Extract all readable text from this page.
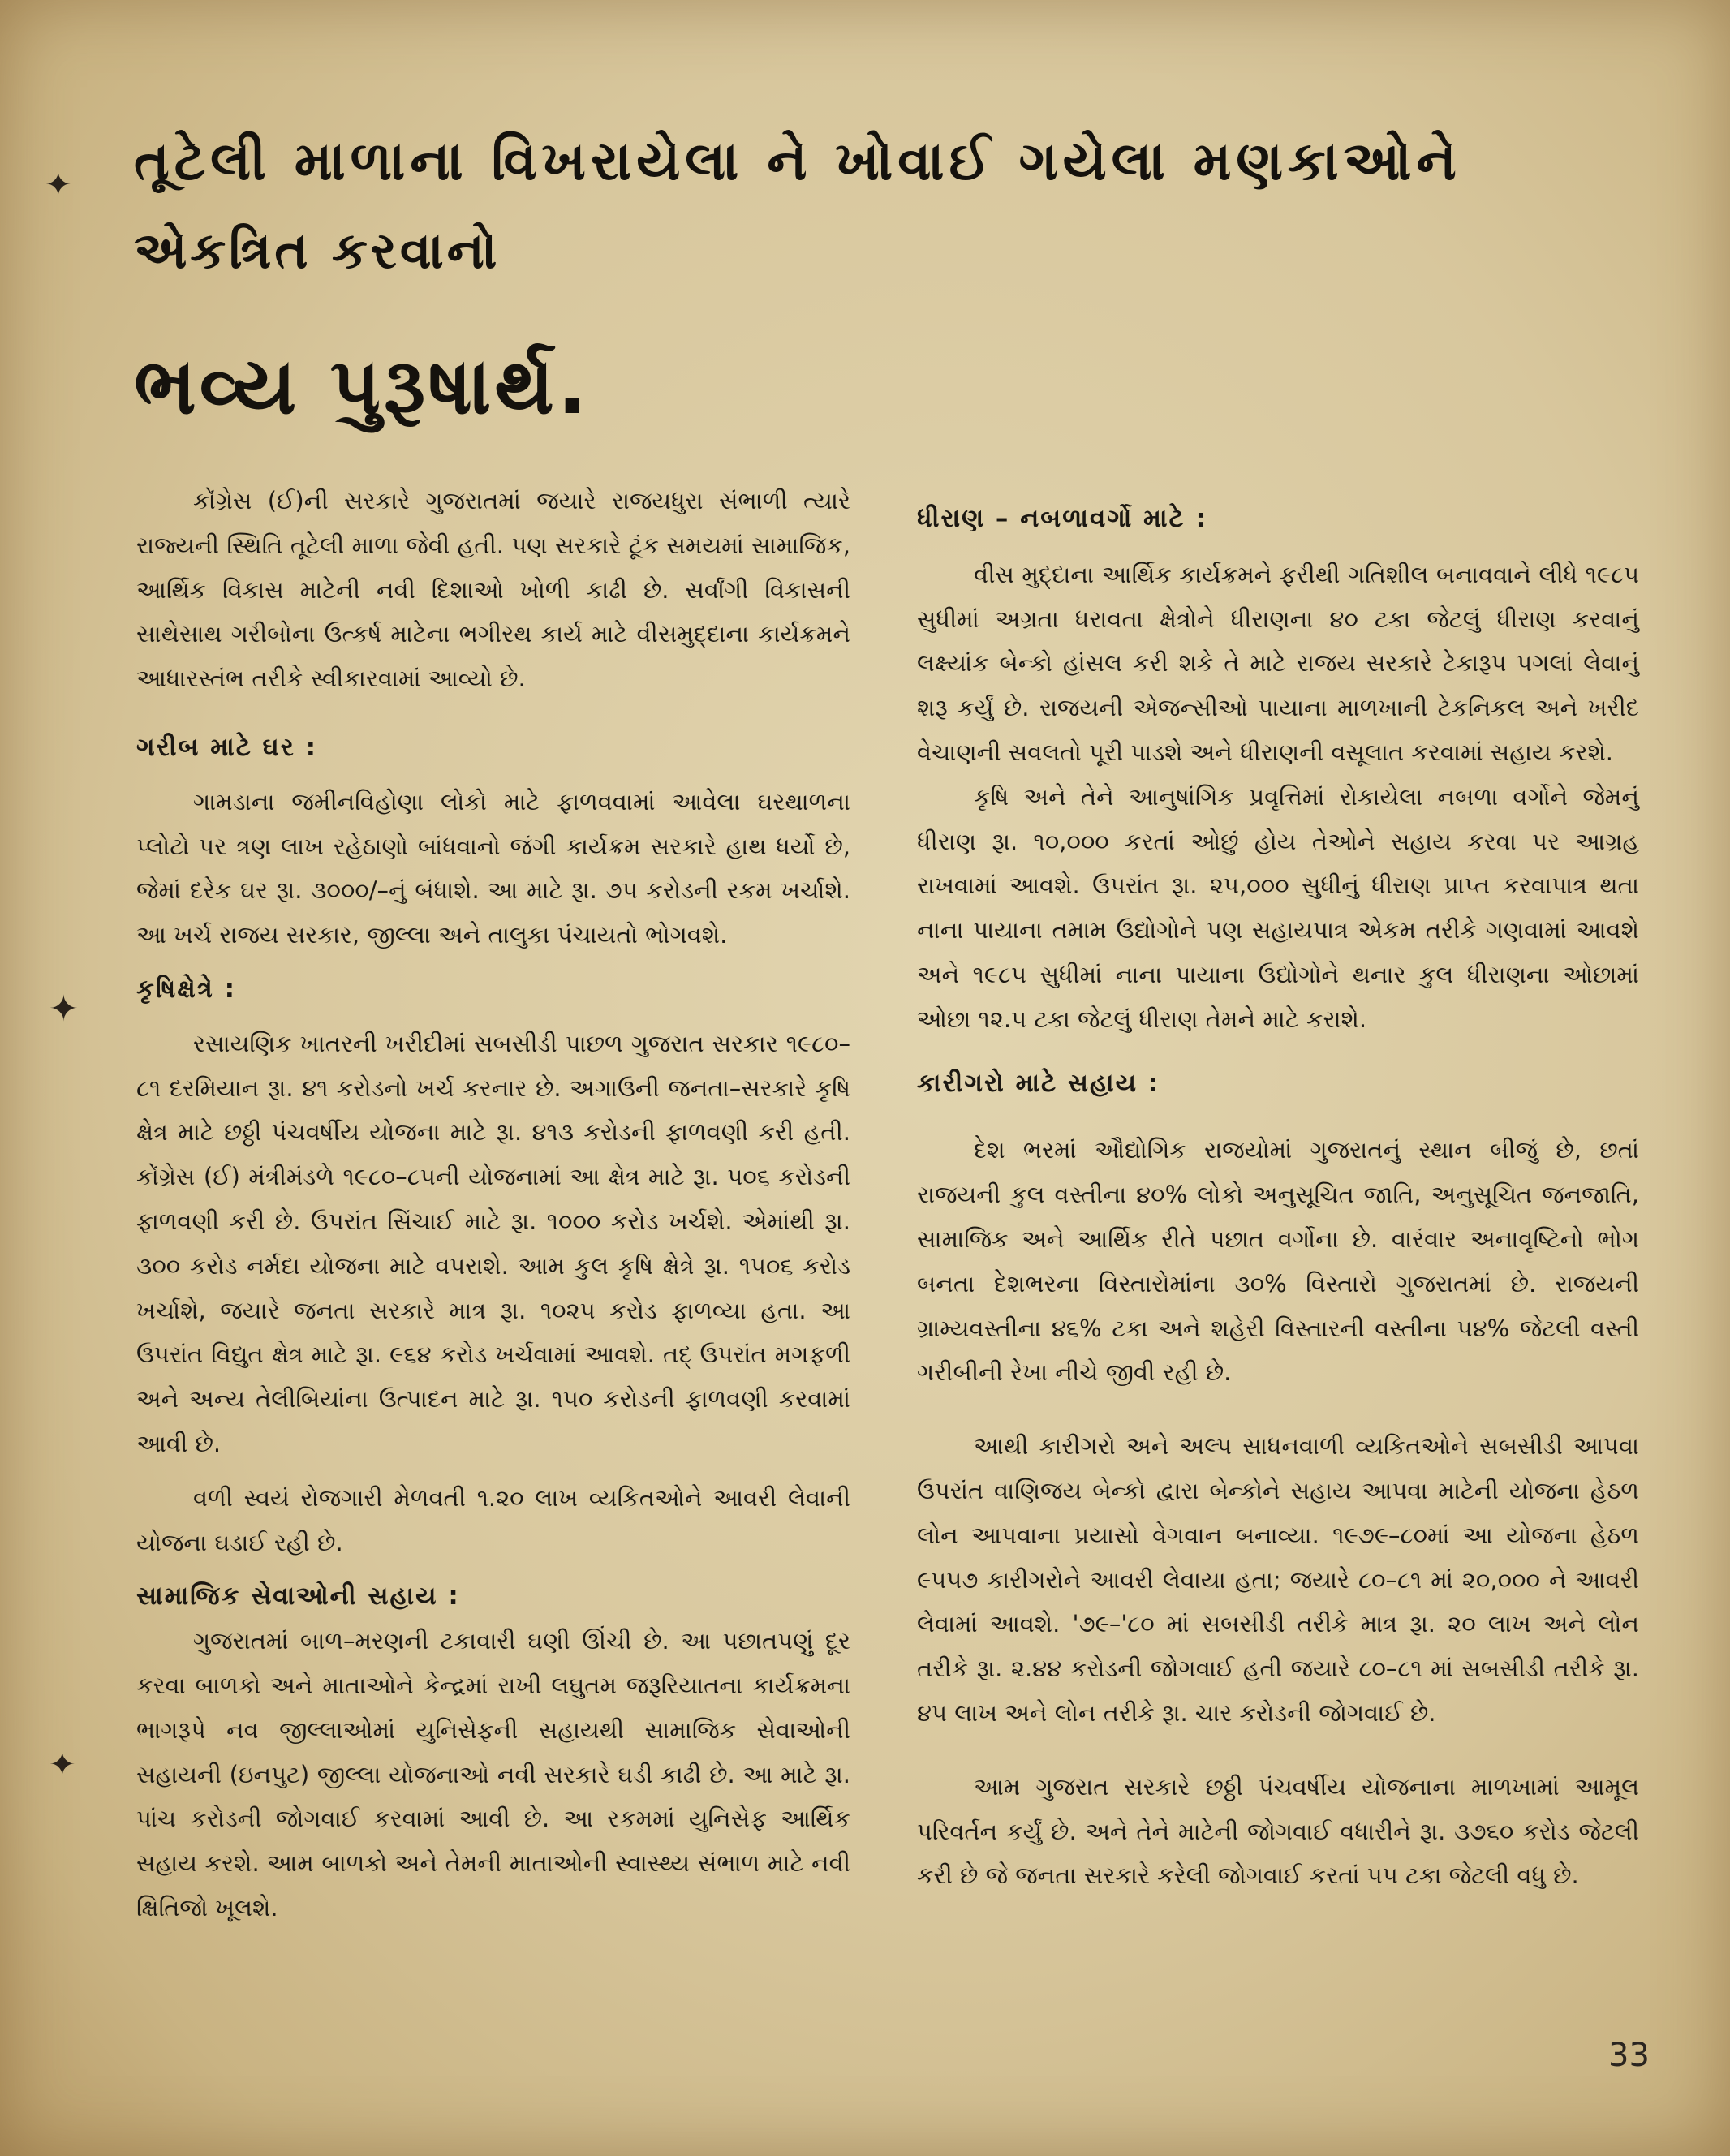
✦
✦
✦
તૂટેલી માળાના વિખરાયેલા ને ખોવાઈ ગયેલા મણકાઓને
એકત્રિત કરવાનો
ભવ્ય પુરૂષાર્થ.

કોંગ્રેસ (ઈ)ની સરકારે ગુજરાતમાં જયારે રાજયધુરા સંભાળી ત્યારે રાજ્યની સ્થિતિ તૂટેલી માળા જેવી હતી. પણ સરકારે ટૂંક સમયમાં સામાજિક, આર્થિક વિકાસ માટેની નવી દિશાઓ ખોળી કાઢી છે. સર્વાંગી વિકાસની સાથેસાથ ગરીબોના ઉત્કર્ષ માટેના ભગીરથ કાર્ય માટે વીસમુદ્દાના કાર્યક્રમને આધારસ્તંભ તરીકે સ્વીકારવામાં આવ્યો છે.

ગરીબ માટે ઘર :

ગામડાના જમીનવિહોણા લોકો માટે ફાળવવામાં આવેલા ઘરથાળના પ્લોટો પર ત્રણ લાખ રહેઠાણો બાંધવાનો જંગી કાર્યક્રમ સરકારે હાથ ધર્યો છે, જેમાં દરેક ઘર રૂા. ૩૦૦૦/–નું બંધાશે. આ માટે રૂા. ૭૫ કરોડની રકમ ખર્ચાશે. આ ખર્ચ રાજય સરકાર, જીલ્લા અને તાલુકા પંચાયતો ભોગવશે.

કૃષિક્ષેત્રે :

રસાયણિક ખાતરની ખરીદીમાં સબસીડી પાછળ ગુજરાત સરકાર ૧૯૮૦–૮૧ દરમિયાન રૂા. ૪૧ કરોડનો ખર્ચ કરનાર છે. અગાઉની જનતા–સરકારે કૃષિ ક્ષેત્ર માટે છઠ્ઠી પંચવર્ષીય યોજના માટે રૂા. ૪૧૩ કરોડની ફાળવણી કરી હતી. કોંગ્રેસ (ઈ) મંત્રીમંડળે ૧૯૮૦–૮૫ની યોજનામાં આ ક્ષેત્ર માટે રૂા. ૫૦૬ કરોડની ફાળવણી કરી છે. ઉપરાંત સિંચાઈ માટે રૂા. ૧૦૦૦ કરોડ ખર્ચશે. એમાંથી રૂા. ૩૦૦ કરોડ નર્મદા યોજના માટે વપરાશે. આમ કુલ કૃષિ ક્ષેત્રે રૂા. ૧૫૦૬ કરોડ ખર્ચાશે, જયારે જનતા સરકારે માત્ર રૂા. ૧૦૨૫ કરોડ ફાળવ્યા હતા. આ ઉપરાંત વિદ્યુત ક્ષેત્ર માટે રૂા. ૯૬૪ કરોડ ખર્ચવામાં આવશે. તદ્ ઉપરાંત મગફળી અને અન્ય તેલીબિયાંના ઉત્પાદન માટે રૂા. ૧૫૦ કરોડની ફાળવણી કરવામાં આવી છે.

વળી સ્વયં રોજગારી મેળવતી ૧.૨૦ લાખ વ્યકિતઓને આવરી લેવાની યોજના ઘડાઈ રહી છે.

સામાજિક સેવાઓની સહાય :

ગુજરાતમાં બાળ–મરણની ટકાવારી ઘણી ઊંચી છે. આ પછાતપણું દૂર કરવા બાળકો અને માતાઓને કેન્દ્રમાં રાખી લઘુતમ જરૂરિયાતના કાર્યક્રમના ભાગરૂપે નવ જીલ્લાઓમાં યુનિસેફની સહાયથી સામાજિક સેવાઓની સહાયની (ઇનપુટ) જીલ્લા યોજનાઓ નવી સરકારે ઘડી કાઢી છે. આ માટે રૂા. પાંચ કરોડની જોગવાઈ કરવામાં આવી છે. આ રકમમાં યુનિસેફ આર્થિક સહાય કરશે. આમ બાળકો અને તેમની માતાઓની સ્વાસ્થ્ય સંભાળ માટે નવી ક્ષિતિજો ખૂલશે.

ધીરાણ – નબળાવર્ગો માટે :

વીસ મુદ્દાના આર્થિક કાર્યક્રમને ફરીથી ગતિશીલ બનાવવાને લીધે ૧૯૮૫ સુધીમાં અગ્રતા ધરાવતા ક્ષેત્રોને ધીરાણના ૪૦ ટકા જેટલું ધીરાણ કરવાનું લક્ષ્યાંક બેન્કો હાંસલ કરી શકે તે માટે રાજય સરકારે ટેકારૂપ પગલાં લેવાનું શરૂ કર્યું છે. રાજયની એજન્સીઓ પાયાના માળખાની ટેકનિકલ અને ખરીદ વેચાણની સવલતો પૂરી પાડશે અને ધીરાણની વસૂલાત કરવામાં સહાય કરશે.

કૃષિ અને તેને આનુષાંગિક પ્રવૃત્તિમાં રોકાયેલા નબળા વર્ગોને જેમનું ધીરાણ રૂા. ૧૦,૦૦૦ કરતાં ઓછું હોય તેઓને સહાય કરવા પર આગ્રહ રાખવામાં આવશે. ઉપરાંત રૂા. ૨૫,૦૦૦ સુધીનું ધીરાણ પ્રાપ્ત કરવાપાત્ર થતા નાના પાયાના તમામ ઉદ્યોગોને પણ સહાયપાત્ર એકમ તરીકે ગણવામાં આવશે અને ૧૯૮૫ સુધીમાં નાના પાયાના ઉદ્યોગોને થનાર કુલ ધીરાણના ઓછામાં ઓછા ૧૨.૫ ટકા જેટલું ધીરાણ તેમને માટે કરાશે.

કારીગરો માટે સહાય :

દેશ ભરમાં ઔદ્યોગિક રાજયોમાં ગુજરાતનું સ્થાન બીજું છે, છતાં રાજયની કુલ વસ્તીના ૪૦% લોકો અનુસૂચિત જાતિ, અનુસૂચિત જનજાતિ, સામાજિક અને આર્થિક રીતે પછાત વર્ગોના છે. વારંવાર અનાવૃષ્ટિનો ભોગ બનતા દેશભરના વિસ્તારોમાંના ૩૦% વિસ્તારો ગુજરાતમાં છે. રાજયની ગ્રામ્યવસ્તીના ૪૬% ટકા અને શહેરી વિસ્તારની વસ્તીના ૫૪% જેટલી વસ્તી ગરીબીની રેખા નીચે જીવી રહી છે.

આથી કારીગરો અને અલ્પ સાધનવાળી વ્યકિતઓને સબસીડી આપવા ઉપરાંત વાણિજય બેન્કો દ્વારા બેન્કોને સહાય આપવા માટેની યોજના હેઠળ લોન આપવાના પ્રયાસો વેગવાન બનાવ્યા. ૧૯૭૯–૮૦માં આ યોજના હેઠળ ૯૫૫૭ કારીગરોને આવરી લેવાયા હતા; જયારે ૮૦–૮૧ માં ૨૦,૦૦૦ ને આવરી લેવામાં આવશે. '૭૯–'૮૦ માં સબસીડી તરીકે માત્ર રૂા. ૨૦ લાખ અને લોન તરીકે રૂા. ૨.૪૪ કરોડની જોગવાઈ હતી જયારે ૮૦–૮૧ માં સબસીડી તરીકે રૂા. ૪૫ લાખ અને લોન તરીકે રૂા. ચાર કરોડની જોગવાઈ છે.

આમ ગુજરાત સરકારે છઠ્ઠી પંચવર્ષીય યોજનાના માળખામાં આમૂલ પરિવર્તન કર્યું છે. અને તેને માટેની જોગવાઈ વધારીને રૂા. ૩૭૬૦ કરોડ જેટલી કરી છે જે જનતા સરકારે કરેલી જોગવાઈ કરતાં ૫૫ ટકા જેટલી વધુ છે.

33
